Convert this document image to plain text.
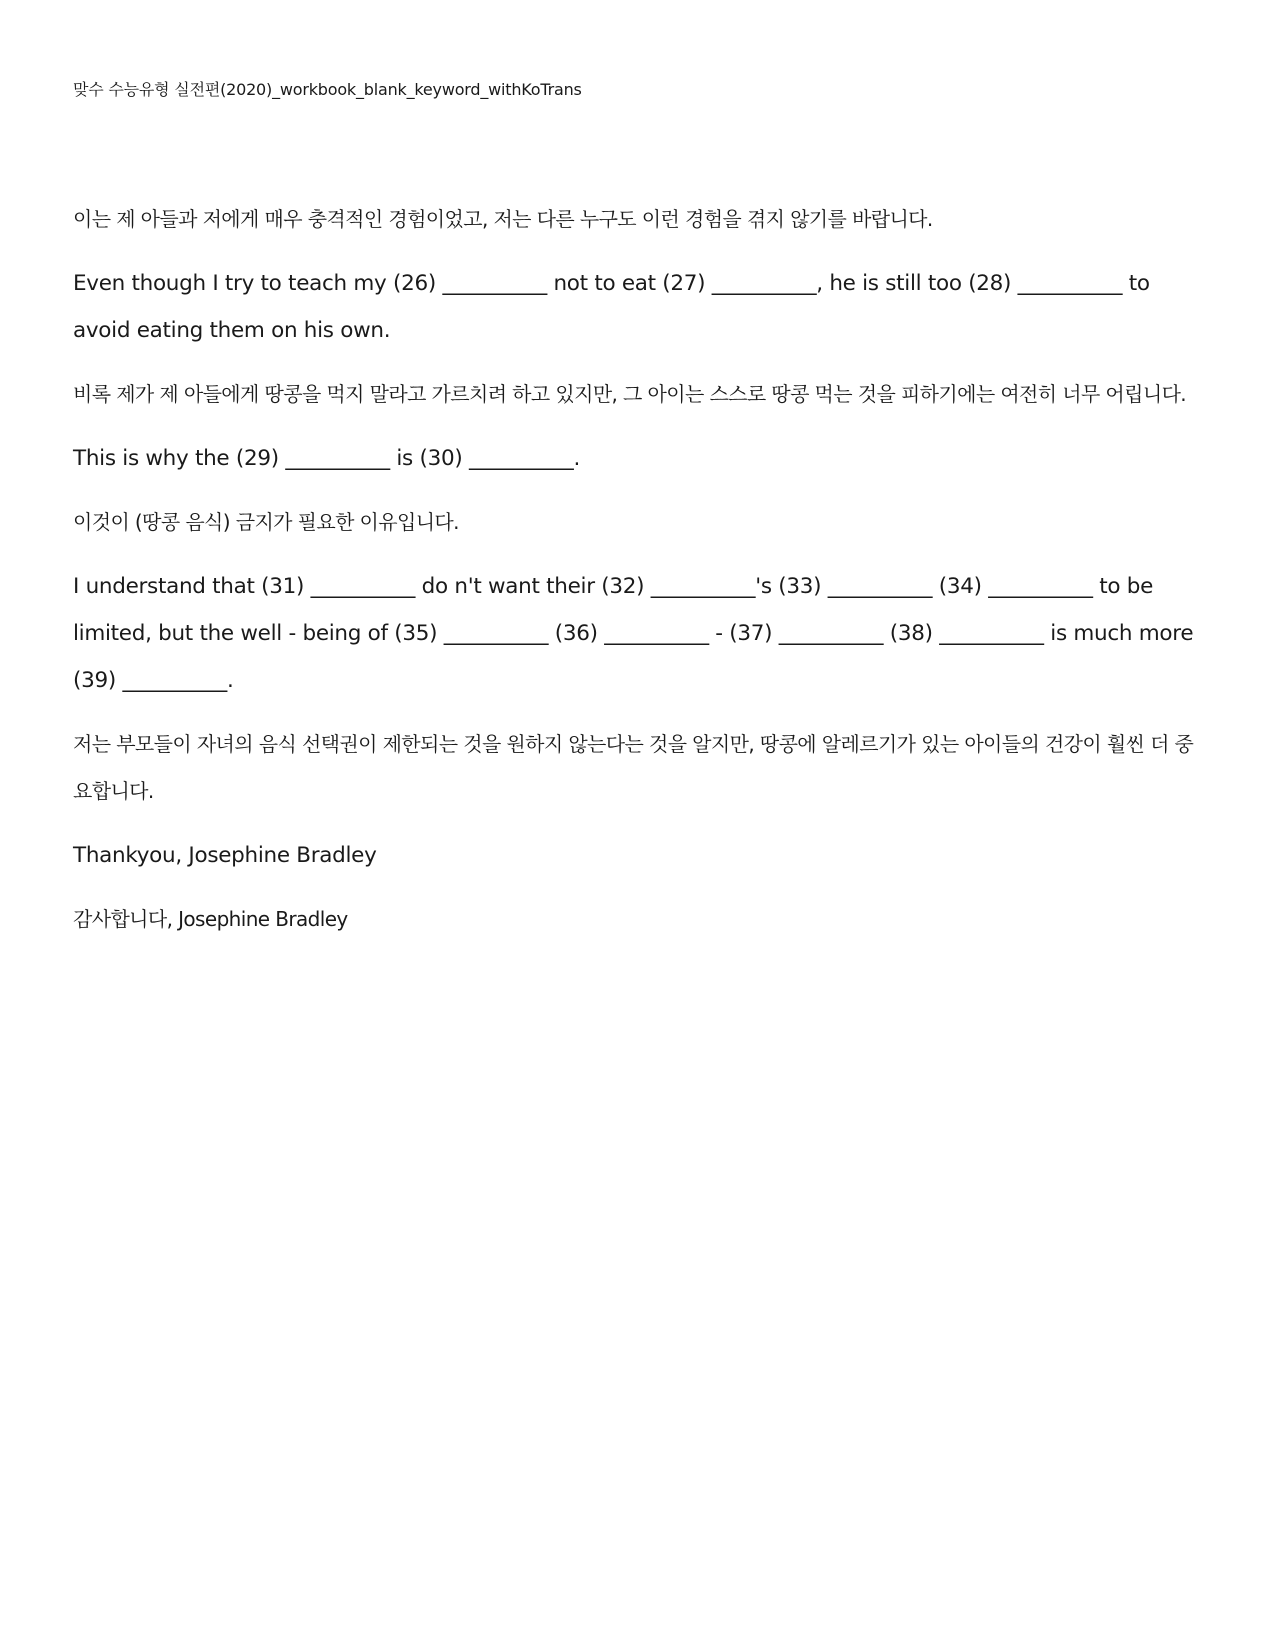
맞수 수능유형 실전편(2020)_workbook_blank_keyword_withKoTrans

이는 제 아들과 저에게 매우 충격적인 경험이었고, 저는 다른 누구도 이런 경험을 겪지 않기를 바랍니다.

Even though I try to teach my (26) __________ not to eat (27) __________, he is still too (28) __________ to avoid eating them on his own.

비록 제가 제 아들에게 땅콩을 먹지 말라고 가르치려 하고 있지만, 그 아이는 스스로 땅콩 먹는 것을 피하기에는 여전히 너무 어립니다.

This is why the (29) __________ is (30) __________.

이것이 (땅콩 음식) 금지가 필요한 이유입니다.

I understand that (31) __________ do n't want their (32) __________'s (33) __________ (34) __________ to be limited, but the well - being of (35) __________ (36) __________ - (37) __________ (38) __________ is much more (39) __________.

저는 부모들이 자녀의 음식 선택권이 제한되는 것을 원하지 않는다는 것을 알지만, 땅콩에 알레르기가 있는 아이들의 건강이 훨씬 더 중요합니다.

Thankyou, Josephine Bradley

감사합니다, Josephine Bradley
